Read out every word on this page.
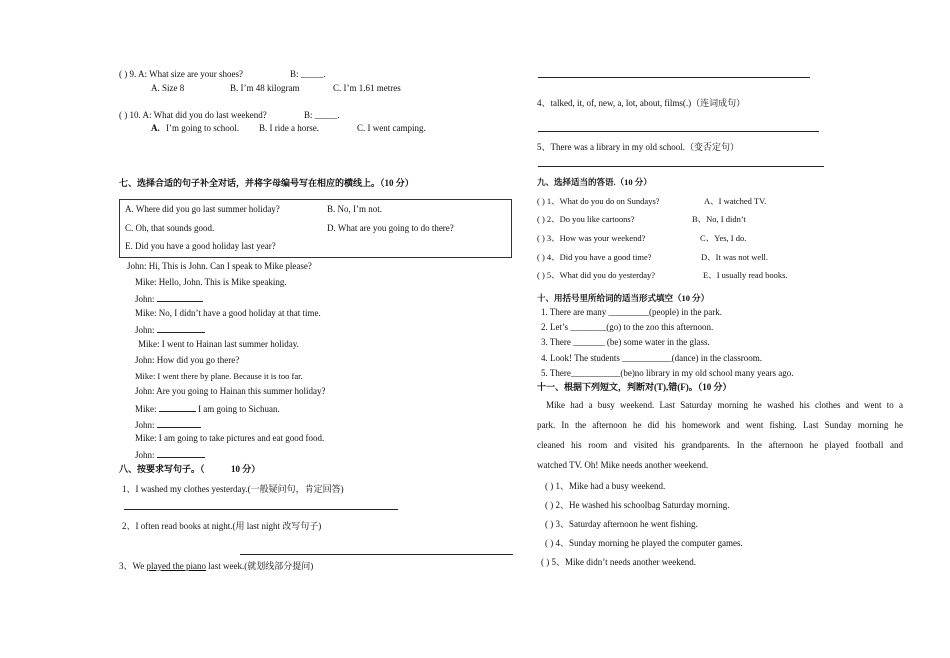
( ) 9. A: What size are your shoes?	B: _____.
A. Size 8	B. I’m 48 kilogram	C. I’m 1.61 metres
( ) 10. A: What did you do last weekend?	B: _____.
A. I’m going to school. B. I ride a horse.	C. I went camping.
七、选择合适的句子补全对话，并将字母编号写在相应的横线上。（10 分）
A. Where did you go last summer holiday?	B. No, I’m not.
C. Oh, that sounds good.	D. What are you going to do there?
E. Did you have a good holiday last year?
John: Hi, This is John. Can I speak to Mike please?
Mike: Hello, John. This is Mike speaking.
John:
Mike: No, I didn’t have a good holiday at that time.
John:
Mike: I went to Hainan last summer holiday.
John: How did you go there?
Mike: I went there by plane. Because it is too far.
John: Are you going to Hainan this summer holiday?
Mike:	I am going to Sichuan.
John:
Mike: I am going to take pictures and eat good food.
John:
八、按要求写句子。（	10 分）
1、I washed my clothes yesterday.(一般疑问句，肯定回答)
2、I often read books at night.(用 last night 改写句子)
3、We played the piano last week.(就划线部分提问)
4、talked, it, of, new, a, lot, about, films(.)（连词成句）
5、There was a library in my old school.（变否定句）
九、选择适当的答语.（10 分）
( ) 1、What do you do on Sundays?	A、I watched TV.
( ) 2、Do you like cartoons?	B、No, I didn’t
( ) 3、How was your weekend?	C、Yes, I do.
( ) 4、Did you have a good time?	D、It was not well.
( ) 5、What did you do yesterday?	E、I usually read books.
十、用括号里所给词的适当形式填空（10 分）
1. There are many _________(people) in the park.
2. Let’s ________(go) to the zoo this afternoon.
3. There _______ (be) some water in the glass.
4. Look! The students ___________(dance) in the classroom.
5. There___________(be)no library in my old school many years ago.
十一、根据下列短文，判断对(T),错(F)。（10 分）
Mike had a busy weekend. Last Saturday morning he washed his clothes and went to a
park. In the afternoon he did his homework and went fishing. Last Sunday morning he
cleaned his room and visited his grandparents. In the afternoon he played football and
watched TV. Oh! Mike needs another weekend.
( ) 1、Mike had a busy weekend.
( ) 2、He washed his schoolbag Saturday morning.
( ) 3、Saturday afternoon he went fishing.
( ) 4、Sunday morning he played the computer games.
( ) 5、Mike didn’t needs another weekend.
